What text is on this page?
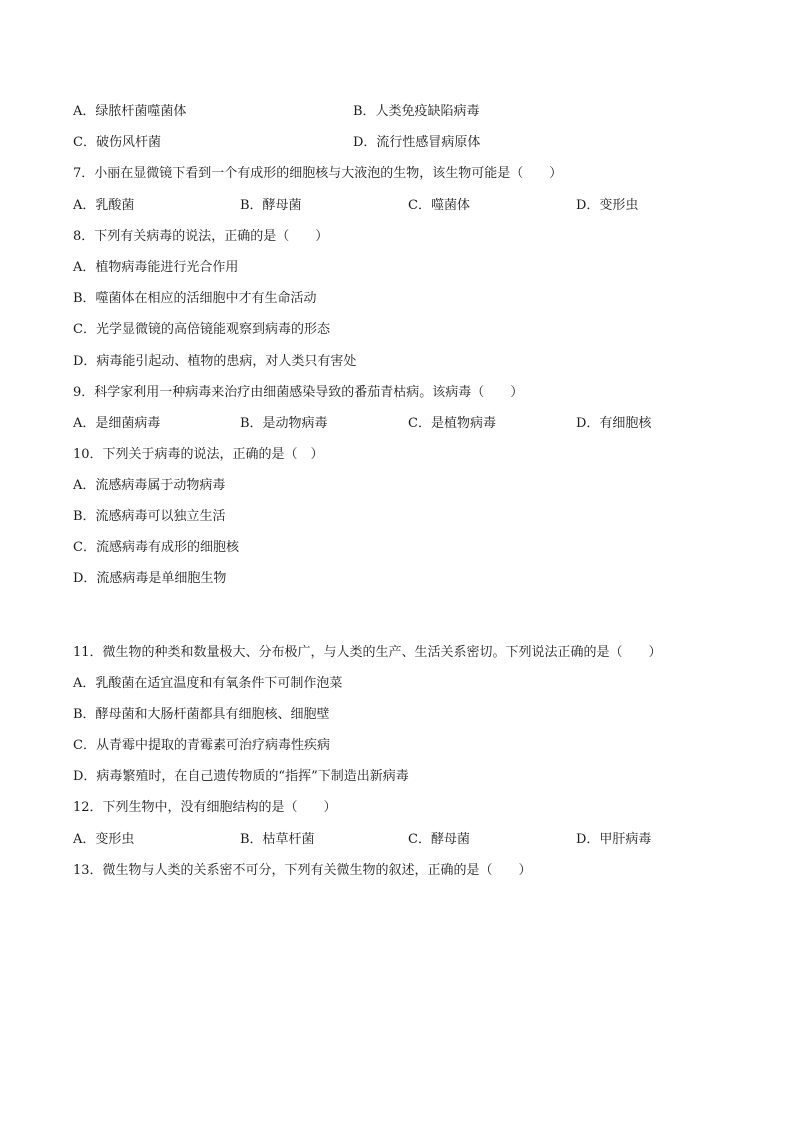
A．绿脓杆菌噬菌体	B．人类免疫缺陷病毒
C．破伤风杆菌	D．流行性感冒病原体
7．小丽在显微镜下看到一个有成形的细胞核与大液泡的生物，该生物可能是（　　）
A．乳酸菌	B．酵母菌	C．噬菌体	D．变形虫
8．下列有关病毒的说法，正确的是（　　）
A．植物病毒能进行光合作用
B．噬菌体在相应的活细胞中才有生命活动
C．光学显微镜的高倍镜能观察到病毒的形态
D．病毒能引起动、植物的患病，对人类只有害处
9．科学家利用一种病毒来治疗由细菌感染导致的番茄青枯病。该病毒（　　）
A．是细菌病毒	B．是动物病毒	C．是植物病毒	D．有细胞核
10．下列关于病毒的说法，正确的是（　）
A．流感病毒属于动物病毒
B．流感病毒可以独立生活
C．流感病毒有成形的细胞核
D．流感病毒是单细胞生物
11．微生物的种类和数量极大、分布极广，与人类的生产、生活关系密切。下列说法正确的是（　　）
A．乳酸菌在适宜温度和有氧条件下可制作泡菜
B．酵母菌和大肠杆菌都具有细胞核、细胞壁
C．从青霉中提取的青霉素可治疗病毒性疾病
D．病毒繁殖时，在自己遗传物质的“指挥”下制造出新病毒
12．下列生物中，没有细胞结构的是（　　）
A．变形虫	B．枯草杆菌	C．酵母菌	D．甲肝病毒
13．微生物与人类的关系密不可分，下列有关微生物的叙述，正确的是（　　）
